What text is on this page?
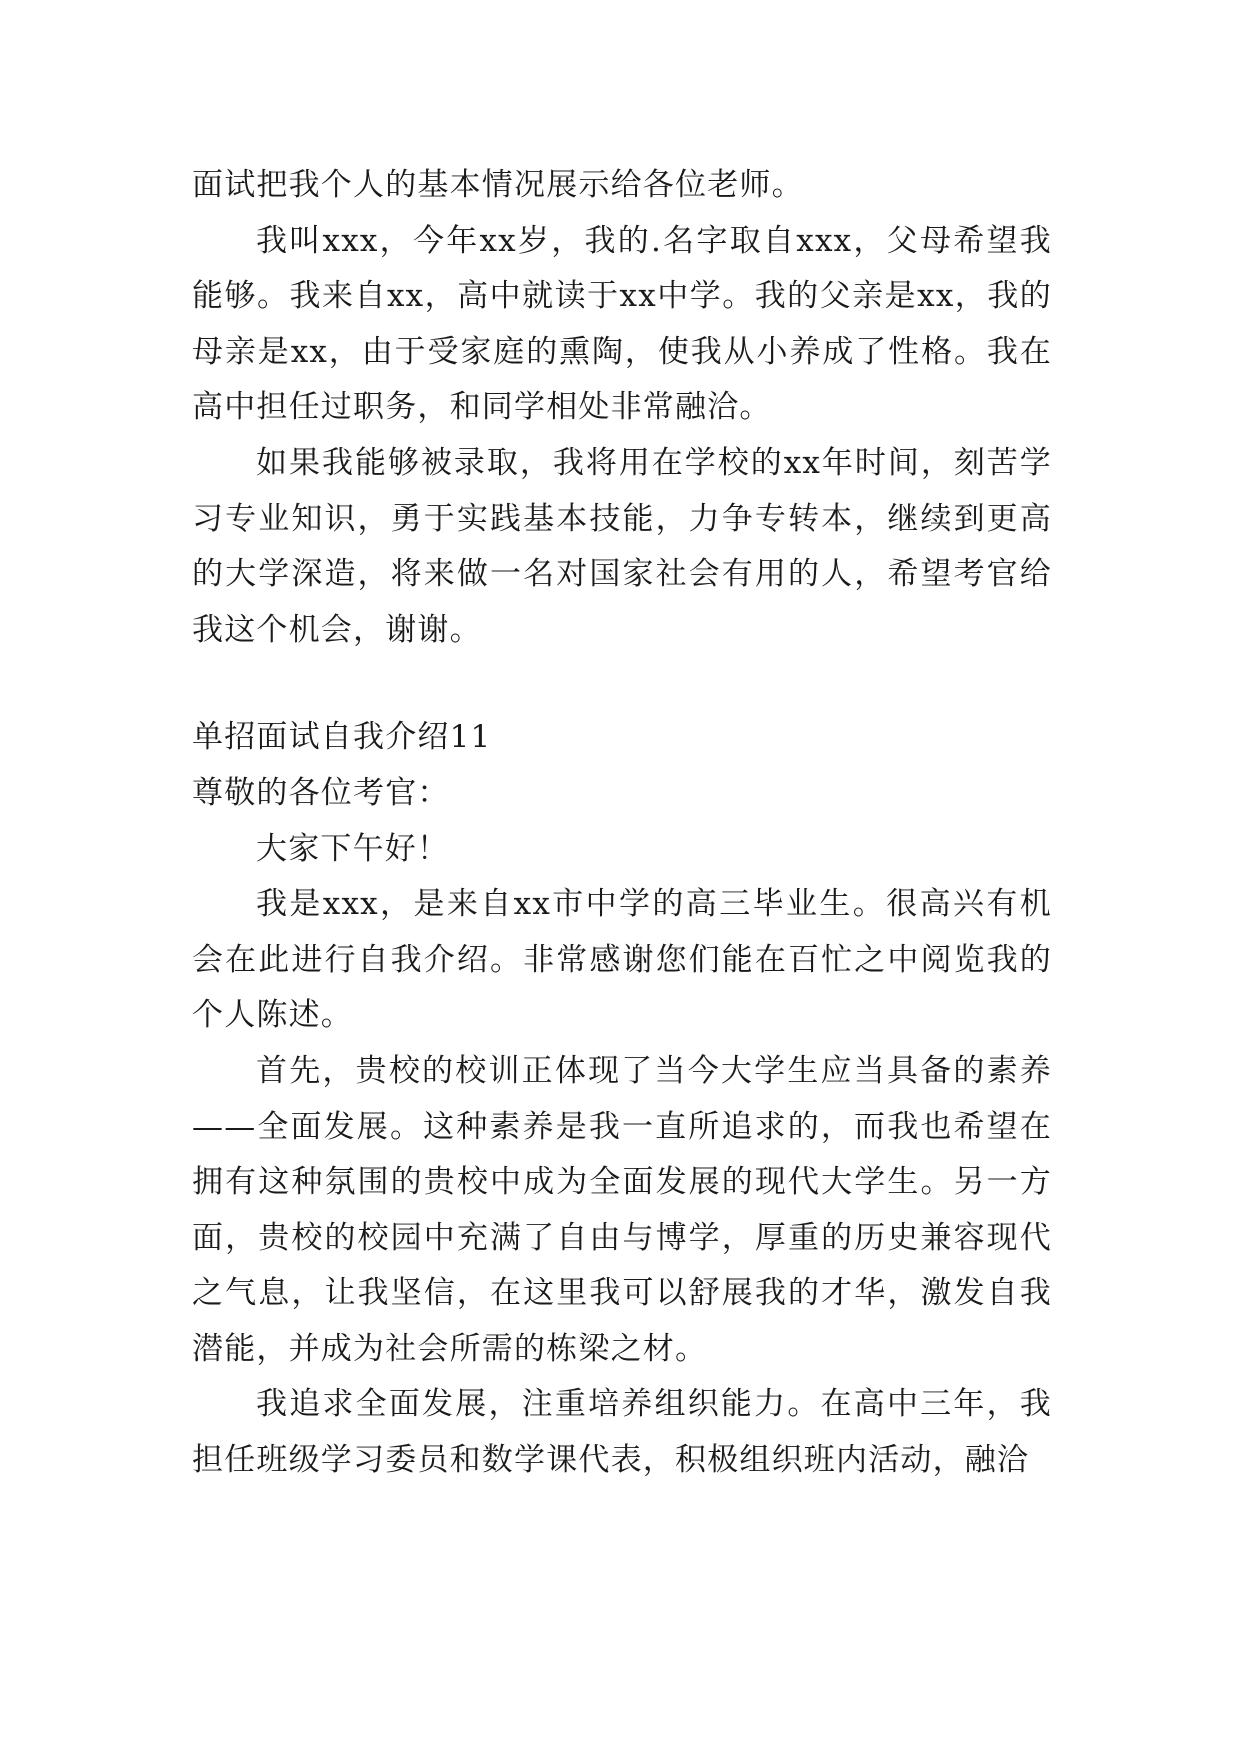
面试把我个人的基本情况展示给各位老师。

我叫xxx，今年xx岁，我的.名字取自xxx，父母希望我能够。我来自xx，高中就读于xx中学。我的父亲是xx，我的母亲是xx，由于受家庭的熏陶，使我从小养成了性格。我在高中担任过职务，和同学相处非常融洽。

如果我能够被录取，我将用在学校的xx年时间，刻苦学习专业知识，勇于实践基本技能，力争专转本，继续到更高的大学深造，将来做一名对国家社会有用的人，希望考官给我这个机会，谢谢。

单招面试自我介绍11

尊敬的各位考官：

大家下午好！

我是xxx，是来自xx市中学的高三毕业生。很高兴有机会在此进行自我介绍。非常感谢您们能在百忙之中阅览我的个人陈述。

首先，贵校的校训正体现了当今大学生应当具备的素养——全面发展。这种素养是我一直所追求的，而我也希望在拥有这种氛围的贵校中成为全面发展的现代大学生。另一方面，贵校的校园中充满了自由与博学，厚重的历史兼容现代之气息，让我坚信，在这里我可以舒展我的才华，激发自我潜能，并成为社会所需的栋梁之材。

我追求全面发展，注重培养组织能力。在高中三年，我担任班级学习委员和数学课代表，积极组织班内活动，融洽
